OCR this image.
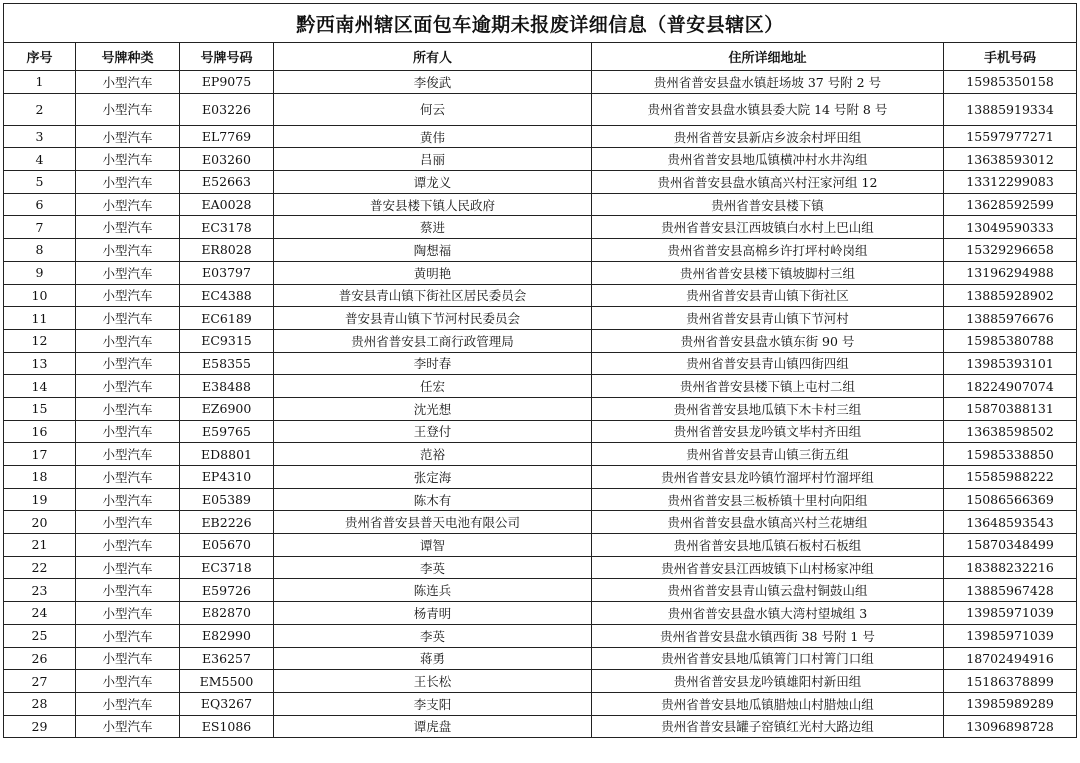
黔西南州辖区面包车逾期未报废详细信息（普安县辖区）					
序号	号牌种类	号牌号码	所有人	住所详细地址	手机号码
1	小型汽车	EP9075	李俊武	贵州省普安县盘水镇赶场坡 37 号附 2 号	15985350158
2	小型汽车	E03226	何云	贵州省普安县盘水镇县委大院 14 号附 8 号	13885919334
3	小型汽车	EL7769	黄伟	贵州省普安县新店乡波余村坪田组	15597977271
4	小型汽车	E03260	吕丽	贵州省普安县地瓜镇横冲村水井沟组	13638593012
5	小型汽车	E52663	谭龙义	贵州省普安县盘水镇高兴村汪家河组 12	13312299083
6	小型汽车	EA0028	普安县楼下镇人民政府	贵州省普安县楼下镇	13628592599
7	小型汽车	EC3178	蔡进	贵州省普安县江西坡镇白水村上巴山组	13049590333
8	小型汽车	ER8028	陶想福	贵州省普安县高棉乡许打坪村岭岗组	15329296658
9	小型汽车	E03797	黄明艳	贵州省普安县楼下镇坡脚村三组	13196294988
10	小型汽车	EC4388	普安县青山镇下街社区居民委员会	贵州省普安县青山镇下街社区	13885928902
11	小型汽车	EC6189	普安县青山镇下节河村民委员会	贵州省普安县青山镇下节河村	13885976676
12	小型汽车	EC9315	贵州省普安县工商行政管理局	贵州省普安县盘水镇东街 90 号	15985380788
13	小型汽车	E58355	李时春	贵州省普安县青山镇四街四组	13985393101
14	小型汽车	E38488	任宏	贵州省普安县楼下镇上屯村二组	18224907074
15	小型汽车	EZ6900	沈光想	贵州省普安县地瓜镇下木卡村三组	15870388131
16	小型汽车	E59765	王登付	贵州省普安县龙吟镇文毕村齐田组	13638598502
17	小型汽车	ED8801	范裕	贵州省普安县青山镇三街五组	15985338850
18	小型汽车	EP4310	张定海	贵州省普安县龙吟镇竹溜坪村竹溜坪组	15585988222
19	小型汽车	E05389	陈木有	贵州省普安县三板桥镇十里村向阳组	15086566369
20	小型汽车	EB2226	贵州省普安县普天电池有限公司	贵州省普安县盘水镇高兴村兰花塘组	13648593543
21	小型汽车	E05670	谭智	贵州省普安县地瓜镇石板村石板组	15870348499
22	小型汽车	EC3718	李英	贵州省普安县江西坡镇下山村杨家冲组	18388232216
23	小型汽车	E59726	陈连兵	贵州省普安县青山镇云盘村铜鼓山组	13885967428
24	小型汽车	E82870	杨青明	贵州省普安县盘水镇大湾村望城组 3	13985971039
25	小型汽车	E82990	李英	贵州省普安县盘水镇西街 38 号附 1 号	13985971039
26	小型汽车	E36257	蒋勇	贵州省普安县地瓜镇箐门口村箐门口组	18702494916
27	小型汽车	EM5500	王长松	贵州省普安县龙吟镇雄阳村新田组	15186378899
28	小型汽车	EQ3267	李支阳	贵州省普安县地瓜镇腊烛山村腊烛山组	13985989289
29	小型汽车	ES1086	谭虎盘	贵州省普安县罐子窑镇红光村大路边组	13096898728
